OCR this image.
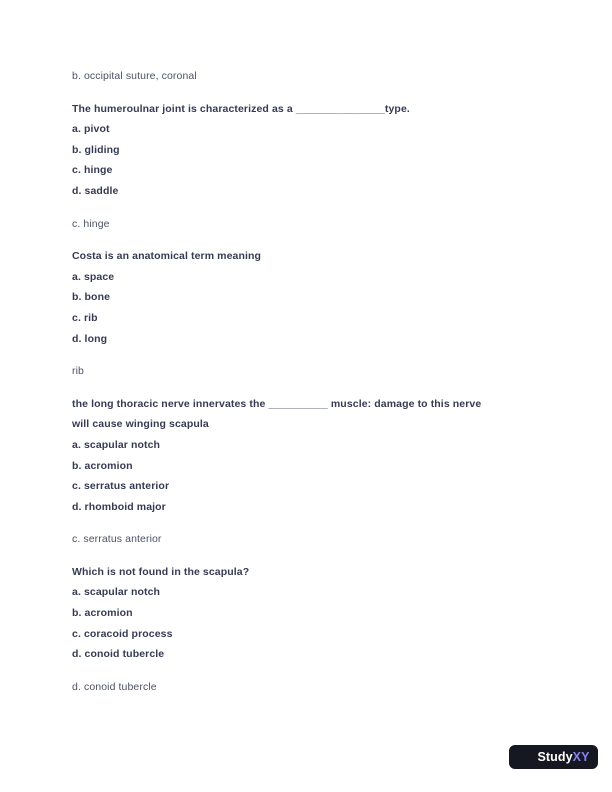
b. occipital suture, coronal

The humeroulnar joint is characterized as a _______________type.

a. pivot

b. gliding

c. hinge

d. saddle

c. hinge

Costa is an anatomical term meaning

a. space

b. bone

c. rib

d. long

rib

the long thoracic nerve innervates the __________ muscle: damage to this nerve

will cause winging scapula

a. scapular notch

b. acromion

c. serratus anterior

d. rhomboid major

c. serratus anterior

Which is not found in the scapula?

a. scapular notch

b. acromion

c. coracoid process

d. conoid tubercle

d. conoid tubercle

StudyXY
